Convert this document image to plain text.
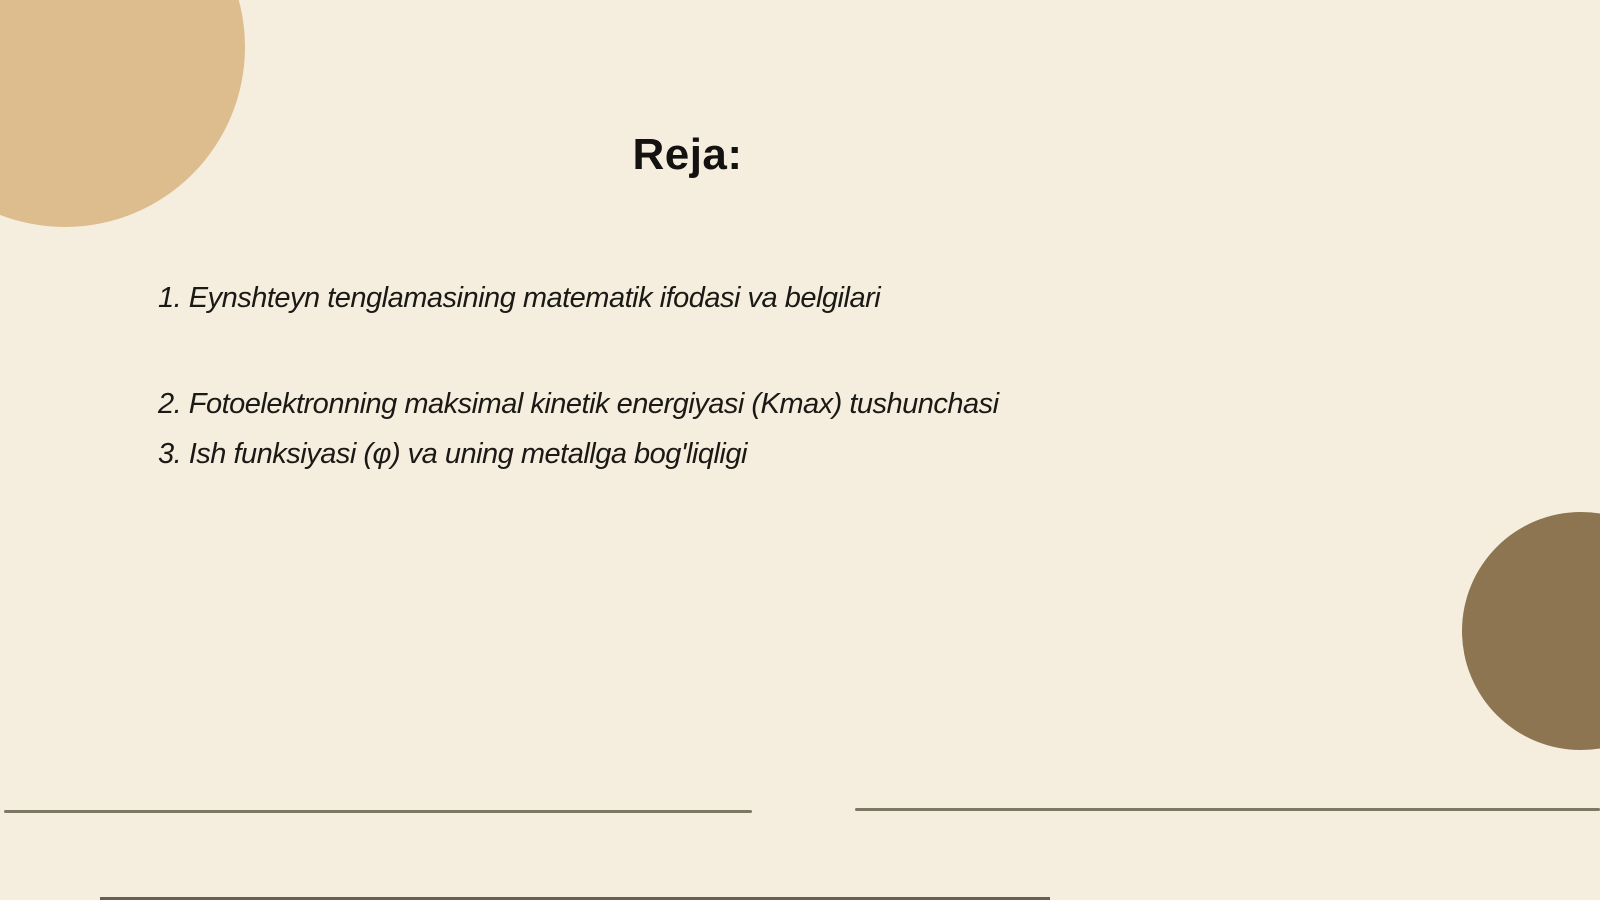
Reja:

1. Eynshteyn tenglamasining matematik ifodasi va belgilari

2. Fotoelektronning maksimal kinetik energiyasi (Kmax) tushunchasi

3. Ish funksiyasi (φ) va uning metallga bog'liqligi
